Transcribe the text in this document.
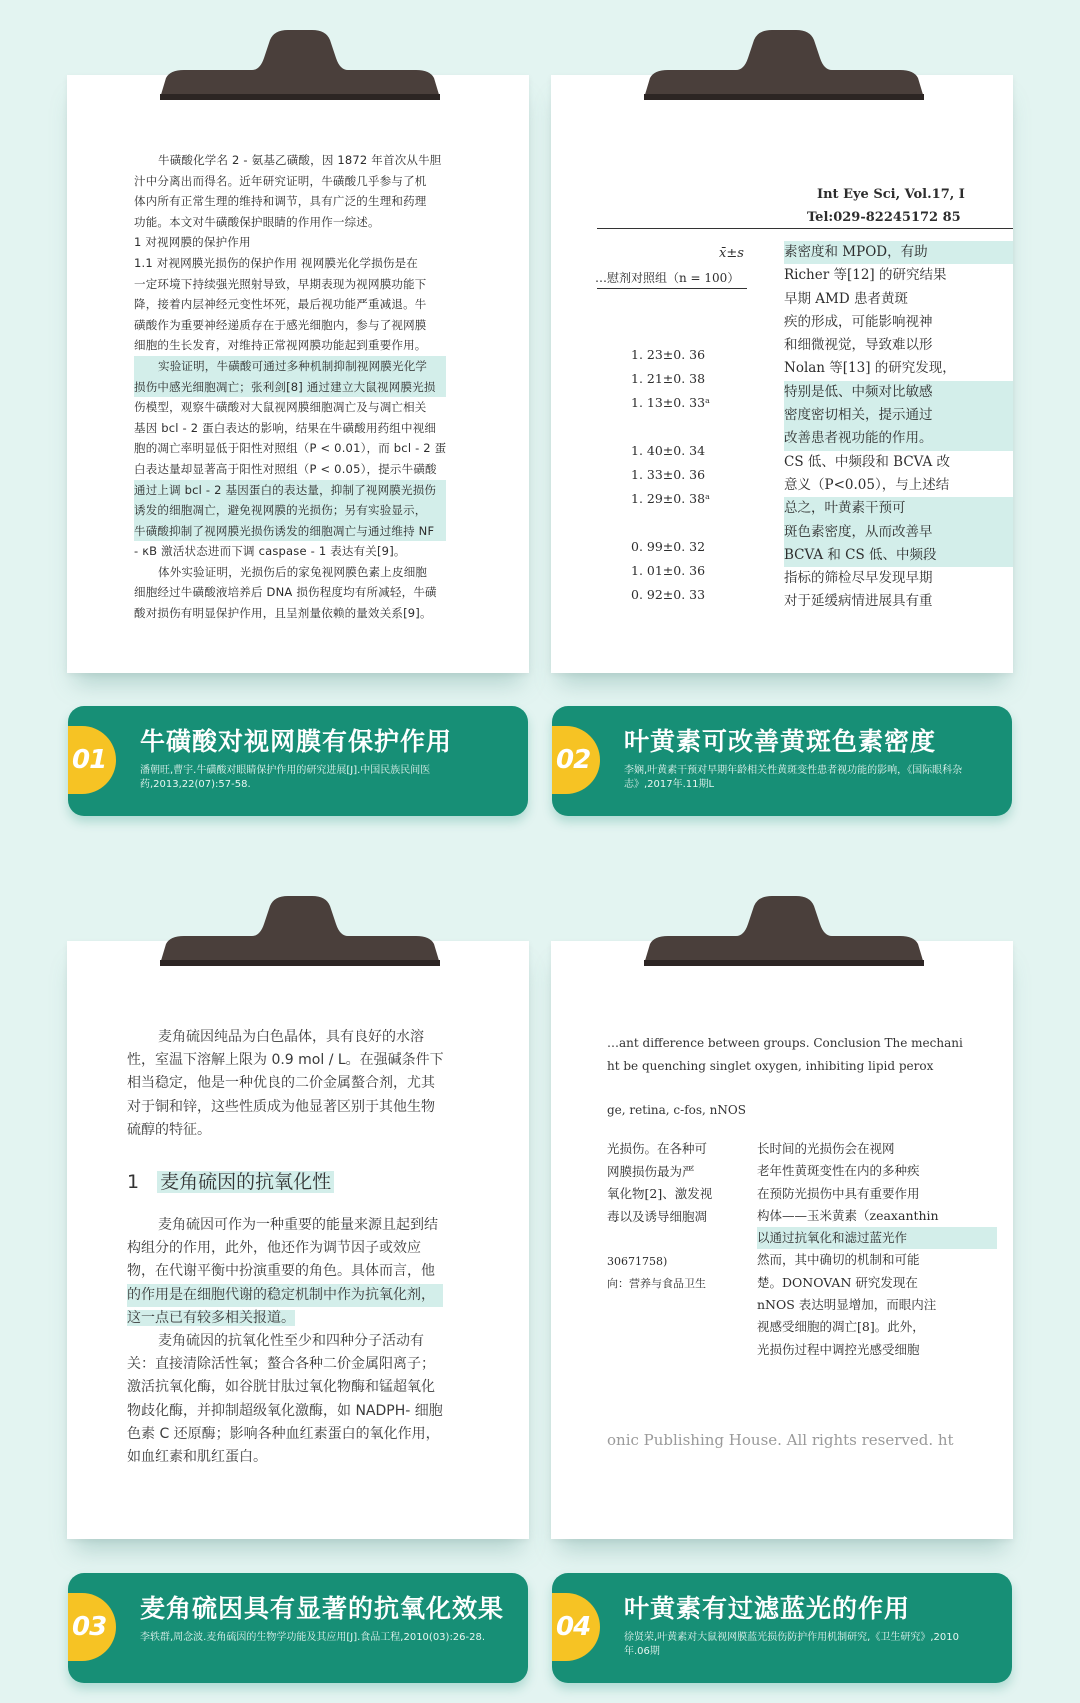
牛磺酸化学名 2 - 氨基乙磺酸，因 1872 年首次从牛胆
汁中分离出而得名。近年研究证明，牛磺酸几乎参与了机
体内所有正常生理的维持和调节，具有广泛的生理和药理
功能。本文对牛磺酸保护眼睛的作用作一综述。
1 对视网膜的保护作用
1.1 对视网膜光损伤的保护作用 视网膜光化学损伤是在
一定环境下持续强光照射导致，早期表现为视网膜功能下
降，接着内层神经元变性坏死，最后视功能严重减退。牛
磺酸作为重要神经递质存在于感光细胞内，参与了视网膜
细胞的生长发育，对维持正常视网膜功能起到重要作用。
实验证明，牛磺酸可通过多种机制抑制视网膜光化学
损伤中感光细胞凋亡；张利剑[8] 通过建立大鼠视网膜光损
伤模型，观察牛磺酸对大鼠视网膜细胞凋亡及与凋亡相关
基因 bcl - 2 蛋白表达的影响，结果在牛磺酸用药组中视细
胞的凋亡率明显低于阳性对照组（P < 0.01），而 bcl - 2 蛋
白表达量却显著高于阳性对照组（P < 0.05），提示牛磺酸
通过上调 bcl - 2 基因蛋白的表达量，抑制了视网膜光损伤
诱发的细胞凋亡，避免视网膜的光损伤；另有实验显示，
牛磺酸抑制了视网膜光损伤诱发的细胞凋亡与通过维持 NF
- κB 激活状态进而下调 caspase - 1 表达有关[9]。
体外实验证明，光损伤后的家兔视网膜色素上皮细胞
细胞经过牛磺酸液培养后 DNA 损伤程度均有所减轻，牛磺
酸对损伤有明显保护作用，且呈剂量依赖的量效关系[9]。
01
牛磺酸对视网膜有保护作用
潘朝旺,曹宇.牛磺酸对眼睛保护作用的研究进展[J].中国民族民间医药,2013,22(07):57-58.
Int Eye Sci, Vol.17, I
Tel:029-82245172 85
x̄±s
…慰剂对照组（n = 100）
1. 23±0. 36
1. 21±0. 38
1. 13±0. 33ᵃ
1. 40±0. 34
1. 33±0. 36
1. 29±0. 38ᵃ
0. 99±0. 32
1. 01±0. 36
0. 92±0. 33
素密度和 MPOD，有助
Richer 等[12] 的研究结果
早期 AMD 患者黄斑
疾的形成，可能影响视神
和细微视觉，导致难以形
Nolan 等[13] 的研究发现，
特别是低、中频对比敏感
密度密切相关，提示通过
改善患者视功能的作用。
CS 低、中频段和 BCVA 改
意义（P<0.05），与上述结
总之，叶黄素干预可
斑色素密度，从而改善早
BCVA 和 CS 低、中频段
指标的筛检尽早发现早期
对于延缓病情进展具有重
02
叶黄素可改善黄斑色素密度
李娴,叶黄素干预对早期年龄相关性黄斑变性患者视功能的影响，《国际眼科杂志》,2017年.11期L
麦角硫因纯品为白色晶体，具有良好的水溶
性，室温下溶解上限为 0.9 mol / L。在强碱条件下
相当稳定，他是一种优良的二价金属螯合剂，尤其
对于铜和锌，这些性质成为他显著区别于其他生物
硫醇的特征。
1 麦角硫因的抗氧化性
麦角硫因可作为一种重要的能量来源且起到结
构组分的作用，此外，他还作为调节因子或效应
物，在代谢平衡中扮演重要的角色。具体而言，他
的作用是在细胞代谢的稳定机制中作为抗氧化剂，
这一点已有较多相关报道。
麦角硫因的抗氧化性至少和四种分子活动有
关：直接清除活性氧；螯合各种二价金属阳离子；
激活抗氧化酶，如谷胱甘肽过氧化物酶和锰超氧化
物歧化酶，并抑制超级氧化激酶，如 NADPH- 细胞
色素 C 还原酶；影响各种血红素蛋白的氧化作用，
如血红素和肌红蛋白。
03
麦角硫因具有显著的抗氧化效果
李轶群,周念波.麦角硫因的生物学功能及其应用[J].食品工程,2010(03):26-28.
…ant difference between groups. Conclusion The mechani
ht be quenching singlet oxygen, inhibiting lipid perox
ge, retina, c-fos, nNOS
光损伤。在各种可
网膜损伤最为严
氧化物[2]、激发视
毒以及诱导细胞凋

30671758)
向：营养与食品卫生
长时间的光损伤会在视网
老年性黄斑变性在内的多种疾
在预防光损伤中具有重要作用
构体——玉米黄素（zeaxanthin
以通过抗氧化和滤过蓝光作
然而，其中确切的机制和可能
楚。DONOVAN 研究发现在
nNOS 表达明显增加，而眼内注
视感受细胞的凋亡[8]。此外，
光损伤过程中调控光感受细胞
onic Publishing House. All rights reserved. ht
04
叶黄素有过滤蓝光的作用
徐贤荣,叶黄素对大鼠视网膜蓝光损伤防护作用机制研究,《卫生研究》,2010年.06期
